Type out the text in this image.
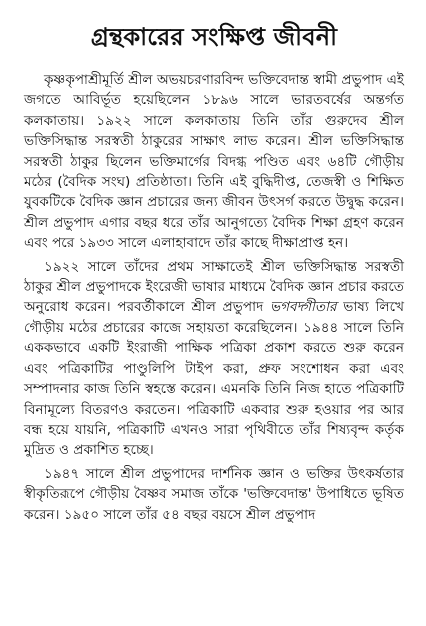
গ্রন্থকারের সংক্ষিপ্ত জীবনী

কৃষ্ণকৃপাশ্রীমূর্তি শ্রীল অভয়চরণারবিন্দ ভক্তিবেদান্ত স্বামী প্রভুপাদ এই জগতে আবির্ভূত হয়েছিলেন ১৮৯৬ সালে ভারতবর্ষের অন্তর্গত কলকাতায়। ১৯২২ সালে কলকাতায় তিনি তাঁর গুরুদেব শ্রীল ভক্তিসিদ্ধান্ত সরস্বতী ঠাকুরের সাক্ষাৎ লাভ করেন। শ্রীল ভক্তিসিদ্ধান্ত সরস্বতী ঠাকুর ছিলেন ভক্তিমার্গের বিদগ্ধ পণ্ডিত এবং ৬৪টি গৌড়ীয় মঠের (বৈদিক সংঘ) প্রতিষ্ঠাতা। তিনি এই বুদ্ধিদীপ্ত, তেজস্বী ও শিক্ষিত যুবকটিকে বৈদিক জ্ঞান প্রচারের জন্য জীবন উৎসর্গ করতে উদ্বুদ্ধ করেন। শ্রীল প্রভুপাদ এগার বছর ধরে তাঁর আনুগত্যে বৈদিক শিক্ষা গ্রহণ করেন এবং পরে ১৯৩৩ সালে এলাহাবাদে তাঁর কাছে দীক্ষাপ্রাপ্ত হন।

১৯২২ সালে তাঁদের প্রথম সাক্ষাতেই শ্রীল ভক্তিসিদ্ধান্ত সরস্বতী ঠাকুর শ্রীল প্রভুপাদকে ইংরেজী ভাষার মাধ্যমে বৈদিক জ্ঞান প্রচার করতে অনুরোধ করেন। পরবর্তীকালে শ্রীল প্রভুপাদ ভগবদ্গীতার ভাষ্য লিখে গৌড়ীয় মঠের প্রচারের কাজে সহায়তা করেছিলেন। ১৯৪৪ সালে তিনি এককভাবে একটি ইংরাজী পাক্ষিক পত্রিকা প্রকাশ করতে শুরু করেন এবং পত্রিকাটির পাণ্ডুলিপি টাইপ করা, প্রুফ সংশোধন করা এবং সম্পাদনার কাজ তিনি স্বহস্তে করেন। এমনকি তিনি নিজ হাতে পত্রিকাটি বিনামূল্যে বিতরণও করতেন। পত্রিকাটি একবার শুরু হওয়ার পর আর বন্ধ হয়ে যায়নি, পত্রিকাটি এখনও সারা পৃথিবীতে তাঁর শিষ্যবৃন্দ কর্তৃক মুদ্রিত ও প্রকাশিত হচ্ছে।

১৯৪৭ সালে শ্রীল প্রভুপাদের দার্শনিক জ্ঞান ও ভক্তির উৎকর্ষতার স্বীকৃতিরূপে গৌড়ীয় বৈষ্ণব সমাজ তাঁকে 'ভক্তিবেদান্ত' উপাধিতে ভূষিত করেন। ১৯৫০ সালে তাঁর ৫৪ বছর বয়সে শ্রীল প্রভুপাদ
